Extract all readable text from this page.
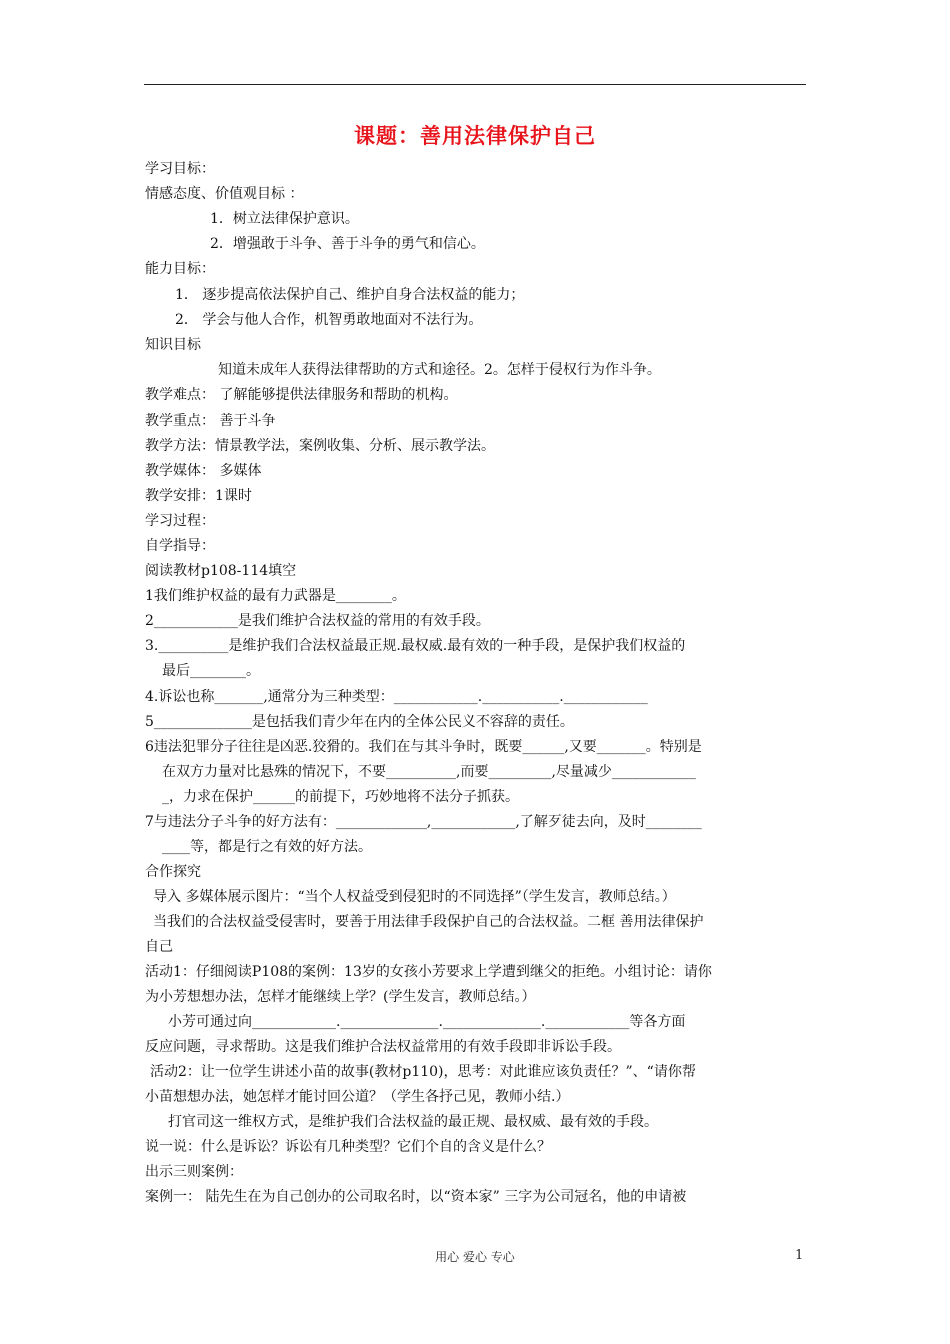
课题：善用法律保护自己
学习目标：
情感态度、价值观目标 ：
1．树立法律保护意识。
2．增强敢于斗争、善于斗争的勇气和信心。
能力目标：
1． 逐步提高依法保护自己、维护自身合法权益的能力；
2． 学会与他人合作，机智勇敢地面对不法行为。
知识目标
知道未成年人获得法律帮助的方式和途径。2。怎样于侵权行为作斗争。
教学难点： 了解能够提供法律服务和帮助的机构。
教学重点： 善于斗争
教学方法：情景教学法，案例收集、分析、展示教学法。
教学媒体： 多媒体
教学安排：1课时
学习过程：
自学指导：
阅读教材p108-114填空
1我们维护权益的最有力武器是________。
2____________是我们维护合法权益的常用的有效手段。
3.__________是维护我们合法权益最正规.最权威.最有效的一种手段，是保护我们权益的
最后________。
4.诉讼也称_______,通常分为三种类型：____________.___________.____________
5______________是包括我们青少年在内的全体公民义不容辞的责任。
6违法犯罪分子往往是凶恶.狡猾的。我们在与其斗争时，既要______,又要_______。特别是
在双方力量对比悬殊的情况下，不要__________,而要_________,尽量减少____________
_，力求在保护______的前提下，巧妙地将不法分子抓获。
7与违法分子斗争的好方法有：_____________,____________,了解歹徒去向，及时________
____等，都是行之有效的好方法。
合作探究
导入 多媒体展示图片：“当个人权益受到侵犯时的不同选择”（学生发言，教师总结。）
当我们的合法权益受侵害时，要善于用法律手段保护自己的合法权益。二框 善用法律保护
自己
活动1：仔细阅读P108的案例：13岁的女孩小芳要求上学遭到继父的拒绝。小组讨论：请你
为小芳想想办法，怎样才能继续上学？(学生发言，教师总结。）
小芳可通过向____________.______________.______________.____________等各方面
反应问题，寻求帮助。这是我们维护合法权益常用的有效手段即非诉讼手段。
活动2：让一位学生讲述小苗的故事(教材p110)，思考：对此谁应该负责任？”、“请你帮
小苗想想办法，她怎样才能讨回公道？（学生各抒己见，教师小结.）
打官司这一维权方式，是维护我们合法权益的最正规、最权威、最有效的手段。
说一说：什么是诉讼？诉讼有几种类型？它们个自的含义是什么？
出示三则案例：
案例一： 陆先生在为自己创办的公司取名时，以“资本家” 三字为公司冠名，他的申请被
用心 爱心 专心	1
